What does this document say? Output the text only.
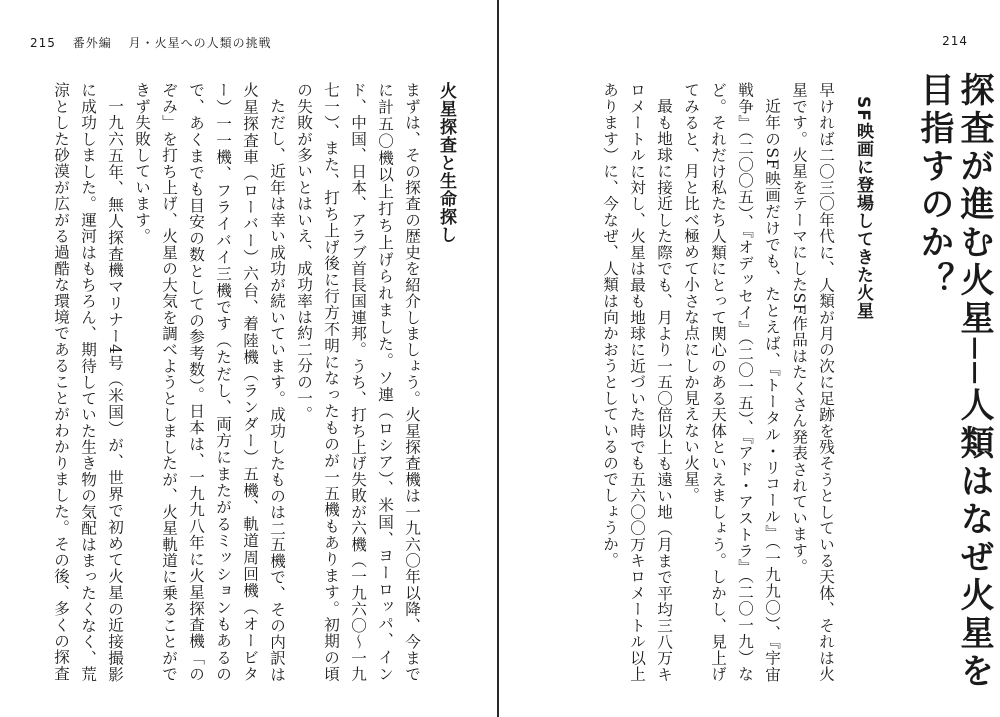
215 番外編 月・火星への人類の挑戦
火星探査と生命探し

まずは、その探査の歴史を紹介しましょう。火星探査機は一九六〇年以降、今までに計五〇機以上打ち上げられました。ソ連（ロシア）、米国、ヨーロッパ、インド、中国、日本、アラブ首長国連邦。うち、打ち上げ失敗が六機（一九六〇～一九七一）、また、打ち上げ後に行方不明になったものが一五機もあります。初期の頃の失敗が多いとはいえ、成功率は約二分の一。

ただし、近年は幸い成功が続いています。成功したものは二五機で、その内訳は火星探査車（ローバー）六台、着陸機（ランダー）五機、軌道周回機（オービター）一一機、フライバイ三機です（ただし、両方にまたがるミッションもあるので、あくまでも目安の数としての参考数）。日本は、一九九八年に火星探査機「のぞみ」を打ち上げ、火星の大気を調べようとしましたが、火星軌道に乗ることができず失敗しています。

一九六五年、無人探査機マリナー4号（米国）が、世界で初めて火星の近接撮影に成功しました。運河はもちろん、期待していた生き物の気配はまったくなく、荒涼とした砂漠が広がる過酷な環境であることがわかりました。その後、多くの探査

214
探査が進む火星──人類はなぜ火星を目指すのか？
SF映画に登場してきた火星

早ければ二〇三〇年代に、人類が月の次に足跡を残そうとしている天体、それは火星です。火星をテーマにしたSF作品はたくさん発表されています。

近年のSF映画だけでも、たとえば、『トータル・リコール』（一九九〇）、『宇宙戦争』（二〇〇五）、『オデッセイ』（二〇一五）、『アド・アストラ』（二〇一九）など。それだけ私たち人類にとって関心のある天体といえましょう。しかし、見上げてみると、月と比べ極めて小さな点にしか見えない火星。

最も地球に接近した際でも、月より一五〇倍以上も遠い地（月まで平均三八万キロメートルに対し、火星は最も地球に近づいた時でも五六〇〇万キロメートル以上あります）に、今なぜ、人類は向かおうとしているのでしょうか。
